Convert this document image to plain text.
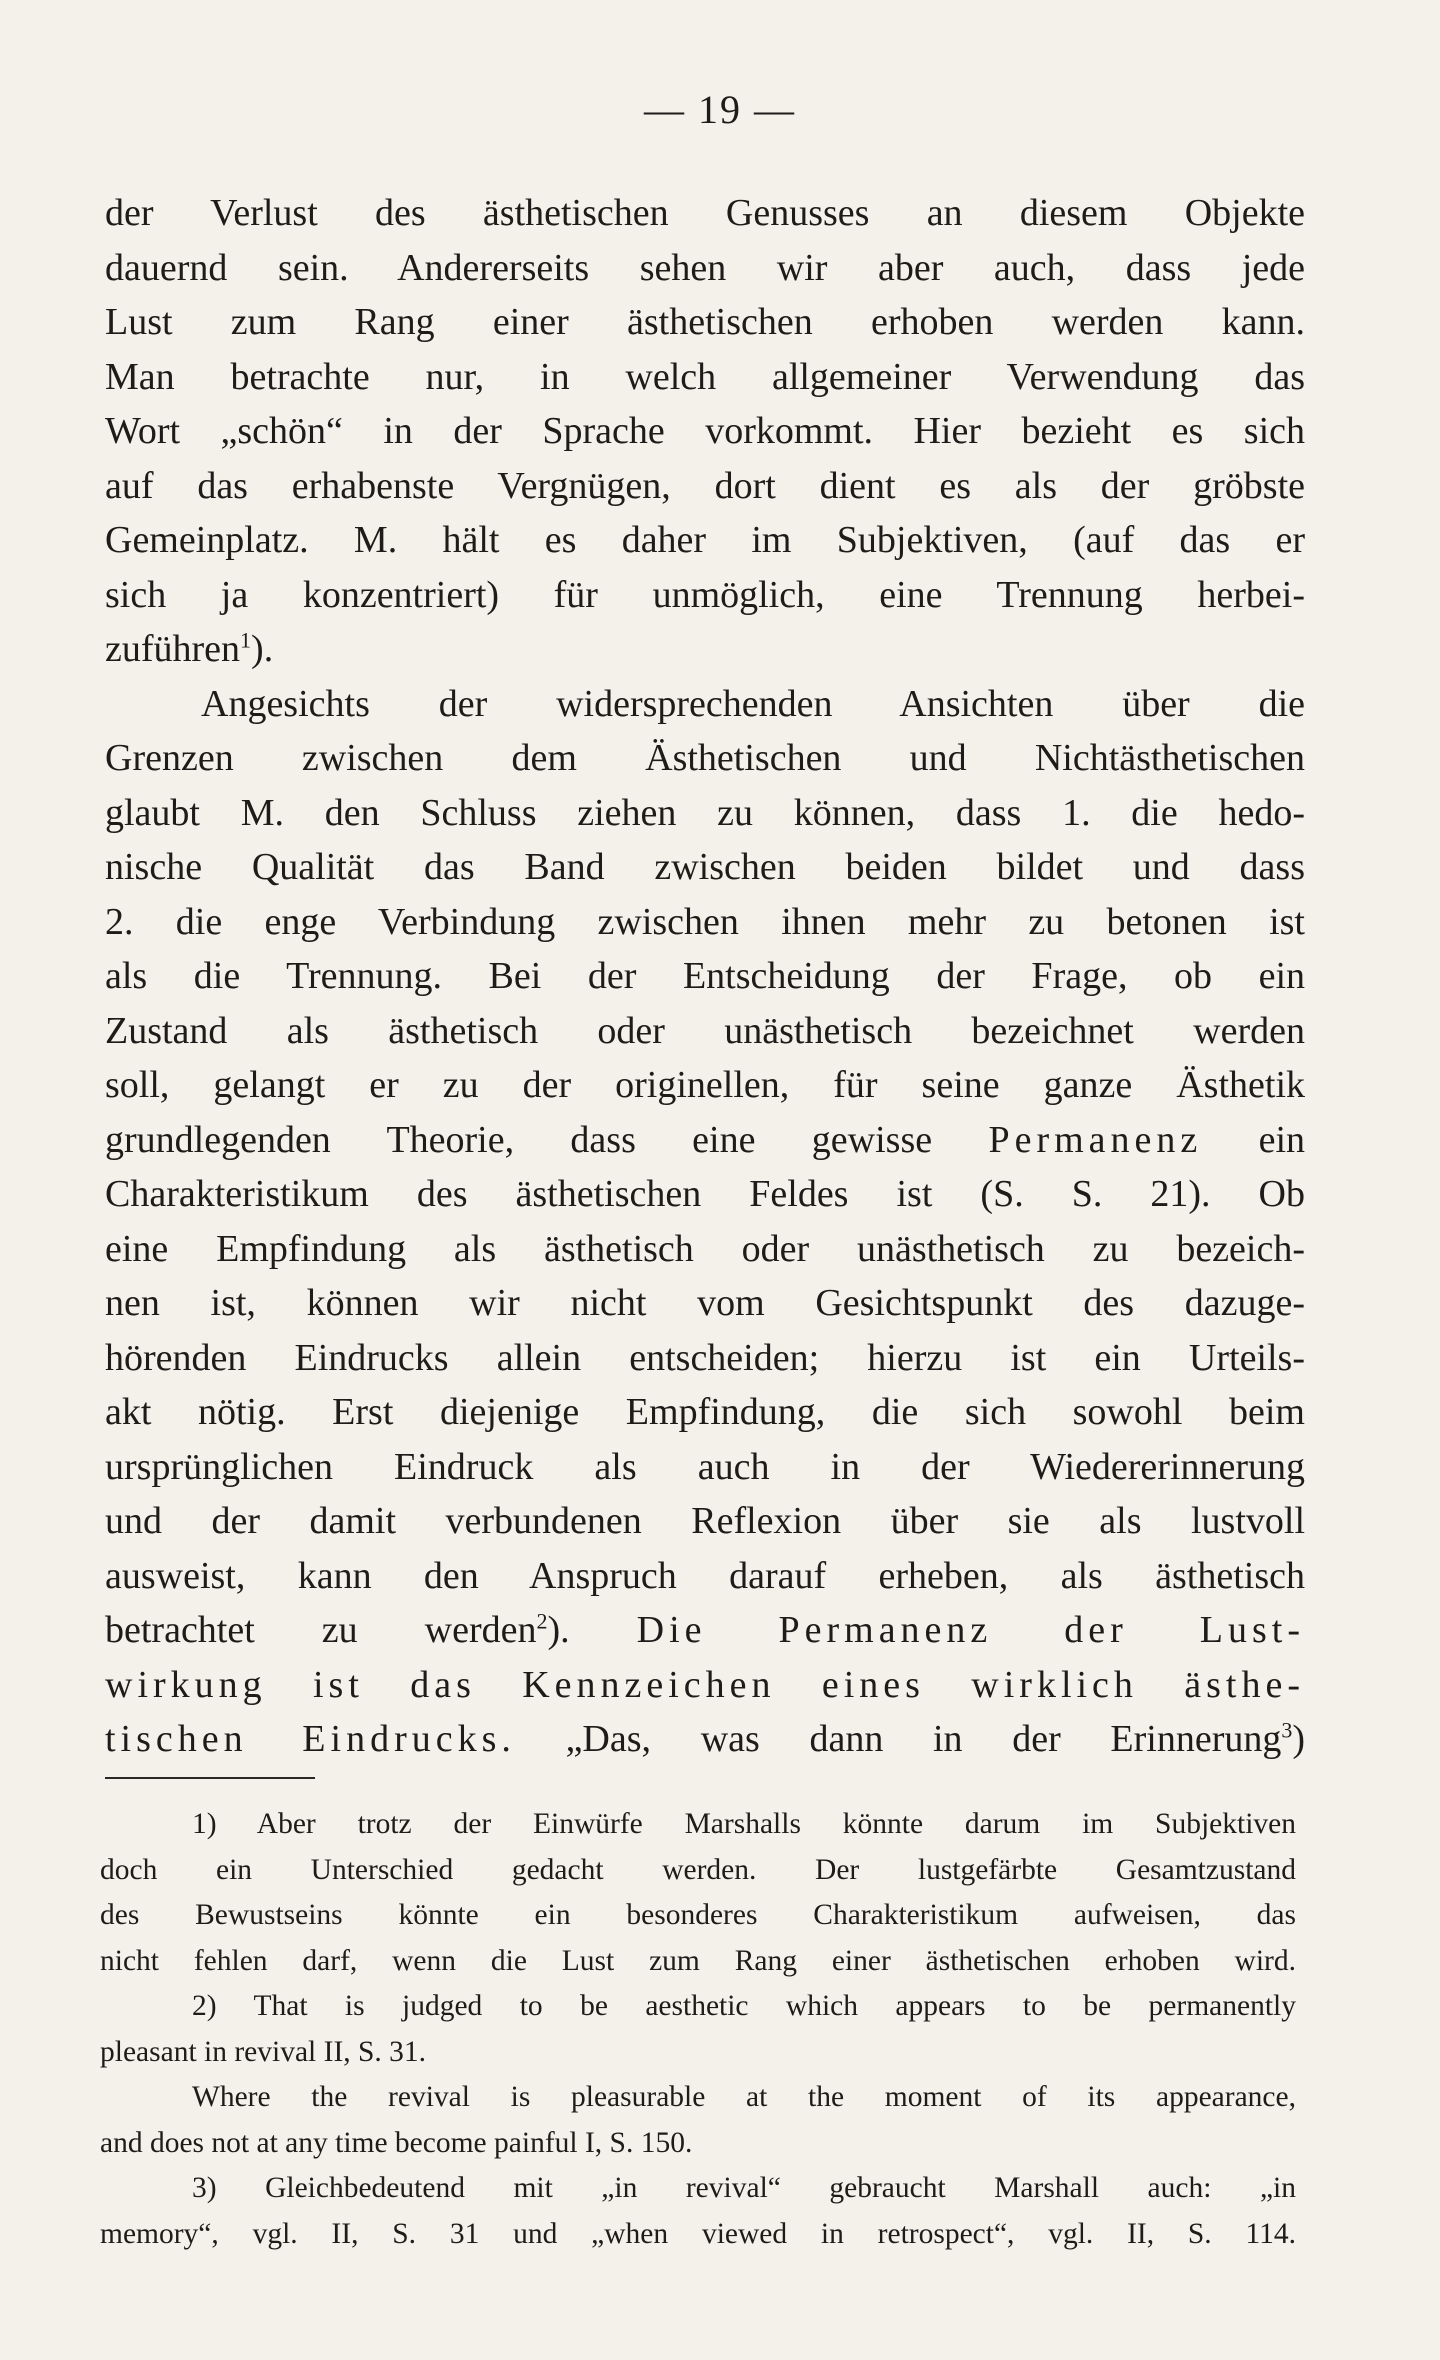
— 19 —
der Verlust des ästhetischen Genusses an diesem Objekte
dauernd sein. Andererseits sehen wir aber auch, dass jede
Lust zum Rang einer ästhetischen erhoben werden kann.
Man betrachte nur, in welch allgemeiner Verwendung das
Wort „schön“ in der Sprache vorkommt. Hier bezieht es sich
auf das erhabenste Vergnügen, dort dient es als der gröbste
Gemeinplatz. M. hält es daher im Subjektiven, (auf das er
sich ja konzentriert) für unmöglich, eine Trennung herbei-
zuführen$^1$).
Angesichts der widersprechenden Ansichten über die
Grenzen zwischen dem Ästhetischen und Nichtästhetischen
glaubt M. den Schluss ziehen zu können, dass 1. die hedo-
nische Qualität das Band zwischen beiden bildet und dass
2. die enge Verbindung zwischen ihnen mehr zu betonen ist
als die Trennung. Bei der Entscheidung der Frage, ob ein
Zustand als ästhetisch oder unästhetisch bezeichnet werden
soll, gelangt er zu der originellen, für seine ganze Ästhetik
grundlegenden Theorie, dass eine gewisse Permanenz ein
Charakteristikum des ästhetischen Feldes ist (S. S. 21). Ob
eine Empfindung als ästhetisch oder unästhetisch zu bezeich-
nen ist, können wir nicht vom Gesichtspunkt des dazuge-
hörenden Eindrucks allein entscheiden; hierzu ist ein Urteils-
akt nötig. Erst diejenige Empfindung, die sich sowohl beim
ursprünglichen Eindruck als auch in der Wiedererinnerung
und der damit verbundenen Reflexion über sie als lustvoll
ausweist, kann den Anspruch darauf erheben, als ästhetisch
betrachtet zu werden$^2$). Die Permanenz der Lust-
wirkung ist das Kennzeichen eines wirklich ästhe-
tischen Eindrucks. „Das, was dann in der Erinnerung$^3$)
1) Aber trotz der Einwürfe Marshalls könnte darum im Subjektiven
doch ein Unterschied gedacht werden. Der lustgefärbte Gesamtzustand
des Bewustseins könnte ein besonderes Charakteristikum aufweisen, das
nicht fehlen darf, wenn die Lust zum Rang einer ästhetischen erhoben wird.
2) That is judged to be aesthetic which appears to be permanently
pleasant in revival II, S. 31.
Where the revival is pleasurable at the moment of its appearance,
and does not at any time become painful I, S. 150.
3) Gleichbedeutend mit „in revival“ gebraucht Marshall auch: „in
memory“, vgl. II, S. 31 und „when viewed in retrospect“, vgl. II, S. 114.
